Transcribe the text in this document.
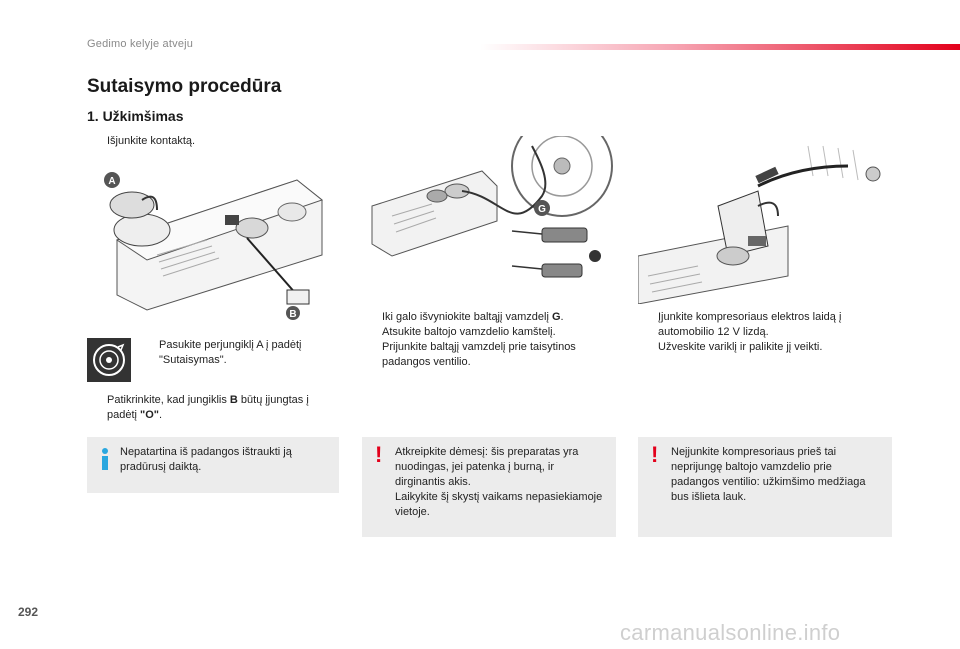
Gedimo kelyje atveju
Sutaisymo procedūra
1. Užkimšimas
Išjunkite kontaktą.
A
B
Pasukite perjungiklį A į padėtį "Sutaisymas".
Patikrinkite, kad jungiklis B būtų įjungtas į padėtį "O".
Nepatartina iš padangos ištraukti ją pradūrusį daiktą.
G
Iki galo išvyniokite baltąjį vamzdelį G.
Atsukite baltojo vamzdelio kamštelį.
Prijunkite baltąjį vamzdelį prie taisytinos padangos ventilio.
! Atkreipkite dėmesį: šis preparatas yra nuodingas, jei patenka į burną, ir dirginantis akis.
Laikykite šį skystį vaikams nepasiekiamoje vietoje.
Įjunkite kompresoriaus elektros laidą į automobilio 12 V lizdą.
Užveskite variklį ir palikite jį veikti.
! Neįjunkite kompresoriaus prieš tai neprijungę baltojo vamzdelio prie padangos ventilio: užkimšimo medžiaga bus išlieta lauk.
292
carmanualsonline.info
